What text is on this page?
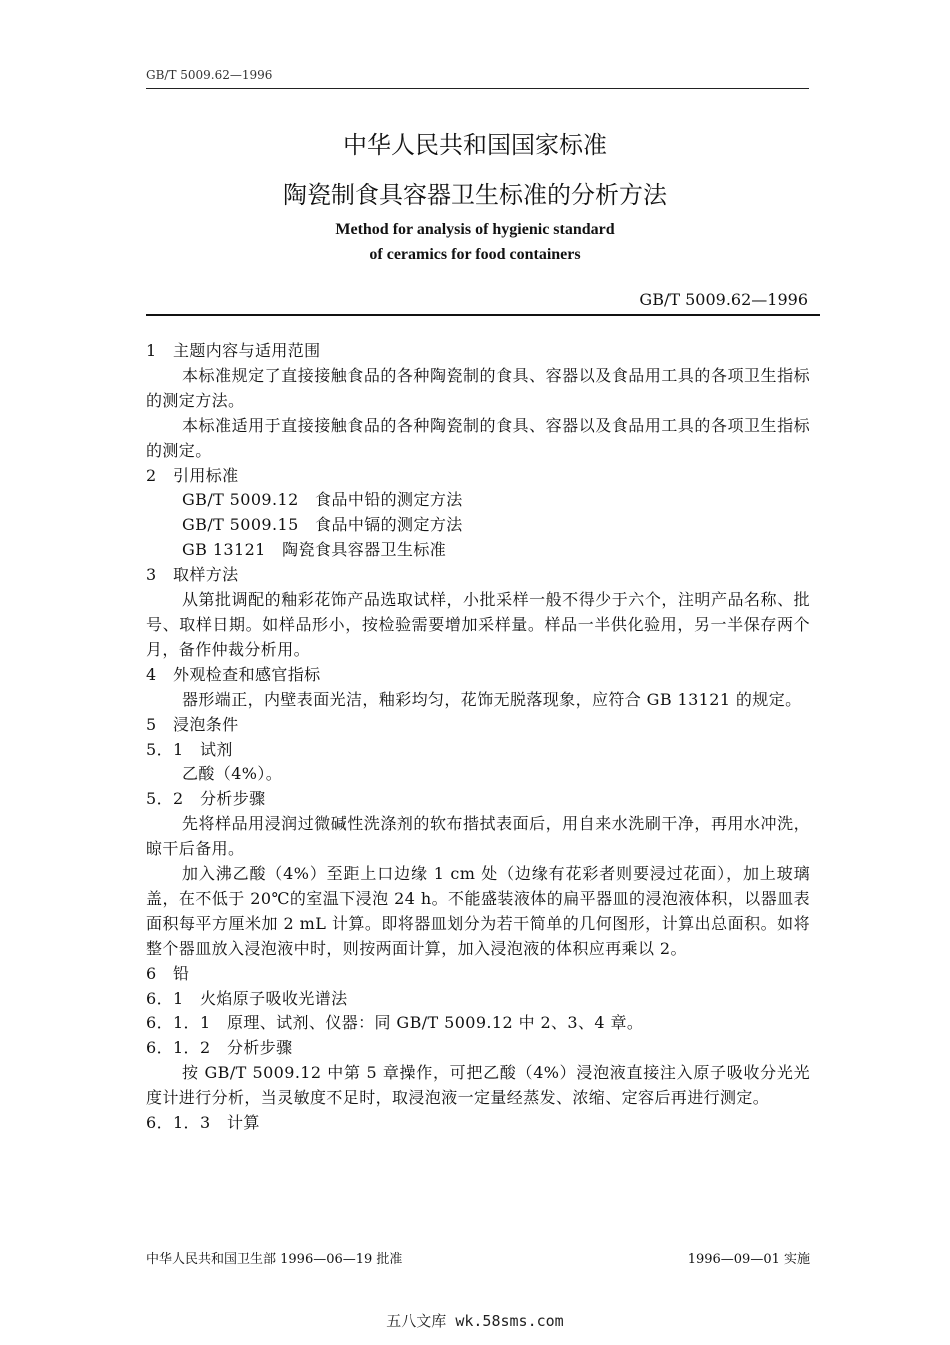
GB/T 5009.62—1996
中华人民共和国国家标准
陶瓷制食具容器卫生标准的分析方法
Method for analysis of hygienic standard
of ceramics for food containers
GB/T 5009.62—1996

1　主题内容与适用范围

本标准规定了直接接触食品的各种陶瓷制的食具、容器以及食品用工具的各项卫生指标的测定方法。

本标准适用于直接接触食品的各种陶瓷制的食具、容器以及食品用工具的各项卫生指标的测定。

2　引用标准

GB/T 5009.12　食品中铅的测定方法

GB/T 5009.15　食品中镉的测定方法

GB 13121　陶瓷食具容器卫生标准

3　取样方法

从第批调配的釉彩花饰产品选取试样，小批采样一般不得少于六个，注明产品名称、批号、取样日期。如样品形小，按检验需要增加采样量。样品一半供化验用，另一半保存两个月，备作仲裁分析用。

4　外观检查和感官指标

器形端正，内壁表面光洁，釉彩均匀，花饰无脱落现象，应符合 GB 13121 的规定。

5　浸泡条件

5．1　试剂

乙酸（4%）。

5．2　分析步骤

先将样品用浸润过微碱性洗涤剂的软布揩拭表面后，用自来水洗刷干净，再用水冲洗，晾干后备用。

加入沸乙酸（4%）至距上口边缘 1 cm 处（边缘有花彩者则要浸过花面），加上玻璃盖，在不低于 20℃的室温下浸泡 24 h。不能盛装液体的扁平器皿的浸泡液体积，以器皿表面积每平方厘米加 2 mL 计算。即将器皿划分为若干简单的几何图形，计算出总面积。如将整个器皿放入浸泡液中时，则按两面计算，加入浸泡液的体积应再乘以 2。

6　铅

6．1　火焰原子吸收光谱法

6．1．1　原理、试剂、仪器：同 GB/T 5009.12 中 2、3、4 章。

6．1．2　分析步骤

按 GB/T 5009.12 中第 5 章操作，可把乙酸（4%）浸泡液直接注入原子吸收分光光度计进行分析，当灵敏度不足时，取浸泡液一定量经蒸发、浓缩、定容后再进行测定。

6．1．3　计算

中华人民共和国卫生部 1996—06—19 批准	1996—09—01 实施
五八文库 wk.58sms.com
